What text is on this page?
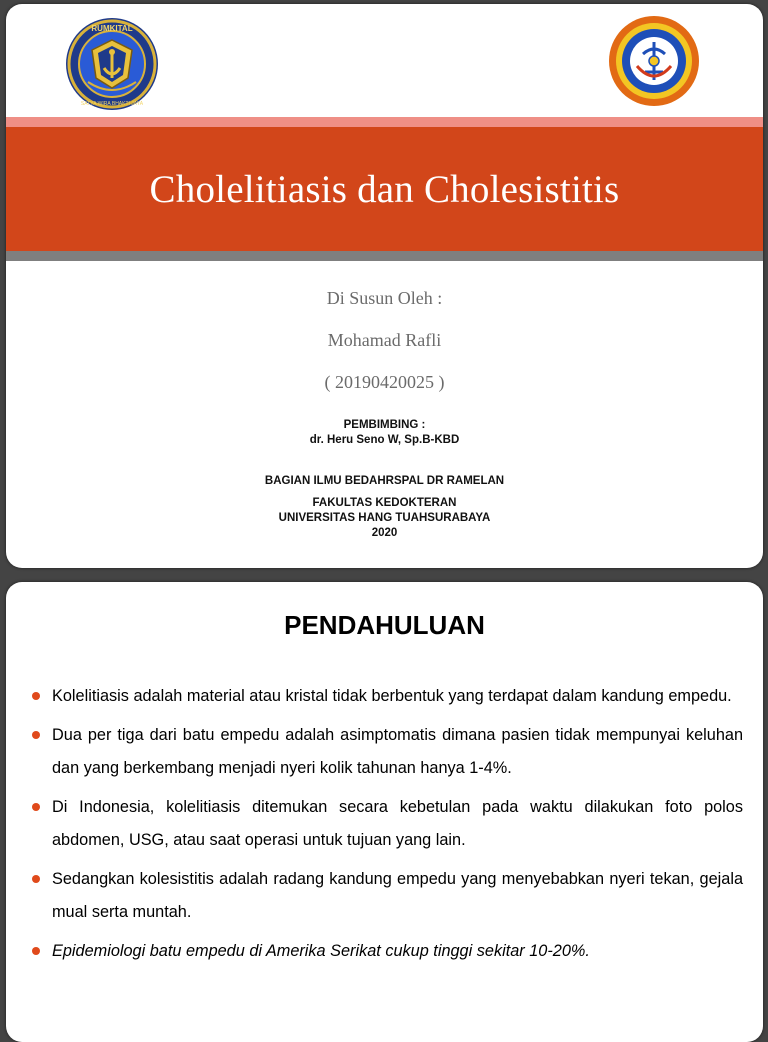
RUMKITAL
SATYA WIRA BHAKTI JAYA
Cholelitiasis dan Cholesistitis
Di Susun Oleh :
Mohamad Rafli
( 20190420025 )
PEMBIMBING :
dr. Heru Seno W, Sp.B-KBD
BAGIAN ILMU BEDAHRSPAL DR RAMELAN
FAKULTAS KEDOKTERAN
UNIVERSITAS HANG TUAHSURABAYA
2020
PENDAHULUAN
Kolelitiasis adalah material atau kristal tidak berbentuk yang terdapat dalam kandung empedu.
Dua per tiga dari batu empedu adalah asimptomatis dimana pasien tidak mempunyai keluhan dan yang berkembang menjadi nyeri kolik tahunan hanya 1-4%.
Di Indonesia, kolelitiasis ditemukan secara kebetulan pada waktu dilakukan foto polos abdomen, USG, atau saat operasi untuk tujuan yang lain.
Sedangkan kolesistitis adalah radang kandung empedu yang menyebabkan nyeri tekan, gejala mual serta muntah.
Epidemiologi batu empedu di Amerika Serikat cukup tinggi sekitar 10-20%.
